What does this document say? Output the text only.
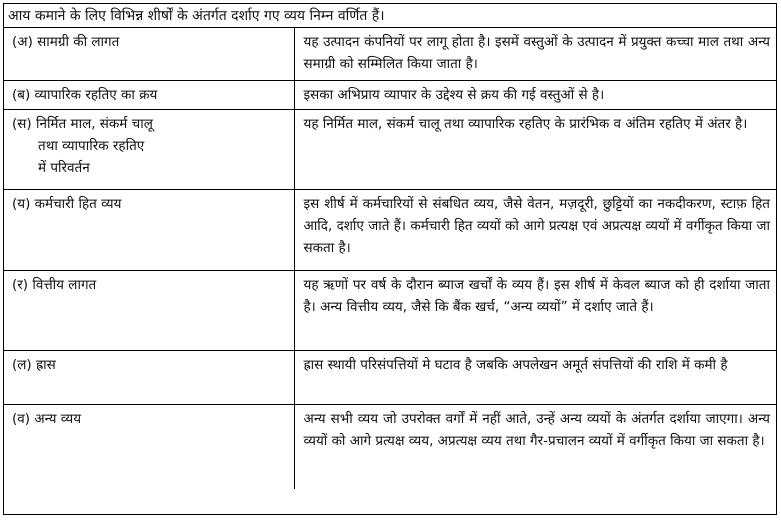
आय कमाने के लिए विभिन्न शीर्षों के अंतर्गत दर्शाए गए व्यय निम्न वर्णित हैं।
(अ) सामग्री की लागत	यह उत्पादन कंपनियों पर लागू होता है। इसमें वस्तुओं के उत्पादन में प्रयुक्त कच्चा माल तथा अन्य समाग्री को सम्मिलित किया जाता है।
(ब) व्यापारिक रहतिए का क्रय	इसका अभिप्राय व्यापार के उद्देश्य से क्रय की गई वस्तुओं से है।
(स) निर्मित माल, संकर्म चालू
तथा व्यापारिक रहतिए
में परिवर्तन	यह निर्मित माल, संकर्म चालू तथा व्यापारिक रहतिए के प्रारंभिक व अंतिम रहतिए में अंतर है।
(य) कर्मचारी हित व्यय	इस शीर्ष में कर्मचारियों से संबधित व्यय, जैसे वेतन, मज़दूरी, छुट्टियों का नकदीकरण, स्टाफ़ हित आदि, दर्शाए जाते हैं। कर्मचारी हित व्ययों को आगे प्रत्यक्ष एवं अप्रत्यक्ष व्ययों में वर्गीकृत किया जा सकता है।
(र) वित्तीय लागत	यह ऋणों पर वर्ष के दौरान ब्याज खर्चों के व्यय हैं। इस शीर्ष में केवल ब्याज को ही दर्शाया जाता है। अन्य वित्तीय व्यय, जैसे कि बैंक खर्च, “अन्य व्ययों” में दर्शाए जाते हैं।
(ल) ह्रास	ह्रास स्थायी परिसंपत्तियों मे घटाव है जबकि अपलेखन अमूर्त संपत्तियों की राशि में कमी है
(व) अन्य व्यय	अन्य सभी व्यय जो उपरोक्त वर्गों में नहीं आते, उन्हें अन्य व्ययों के अंतर्गत दर्शाया जाएगा। अन्य व्ययों को आगे प्रत्यक्ष व्यय, अप्रत्यक्ष व्यय तथा गैर-प्रचालन व्ययों में वर्गीकृत किया जा सकता है।
